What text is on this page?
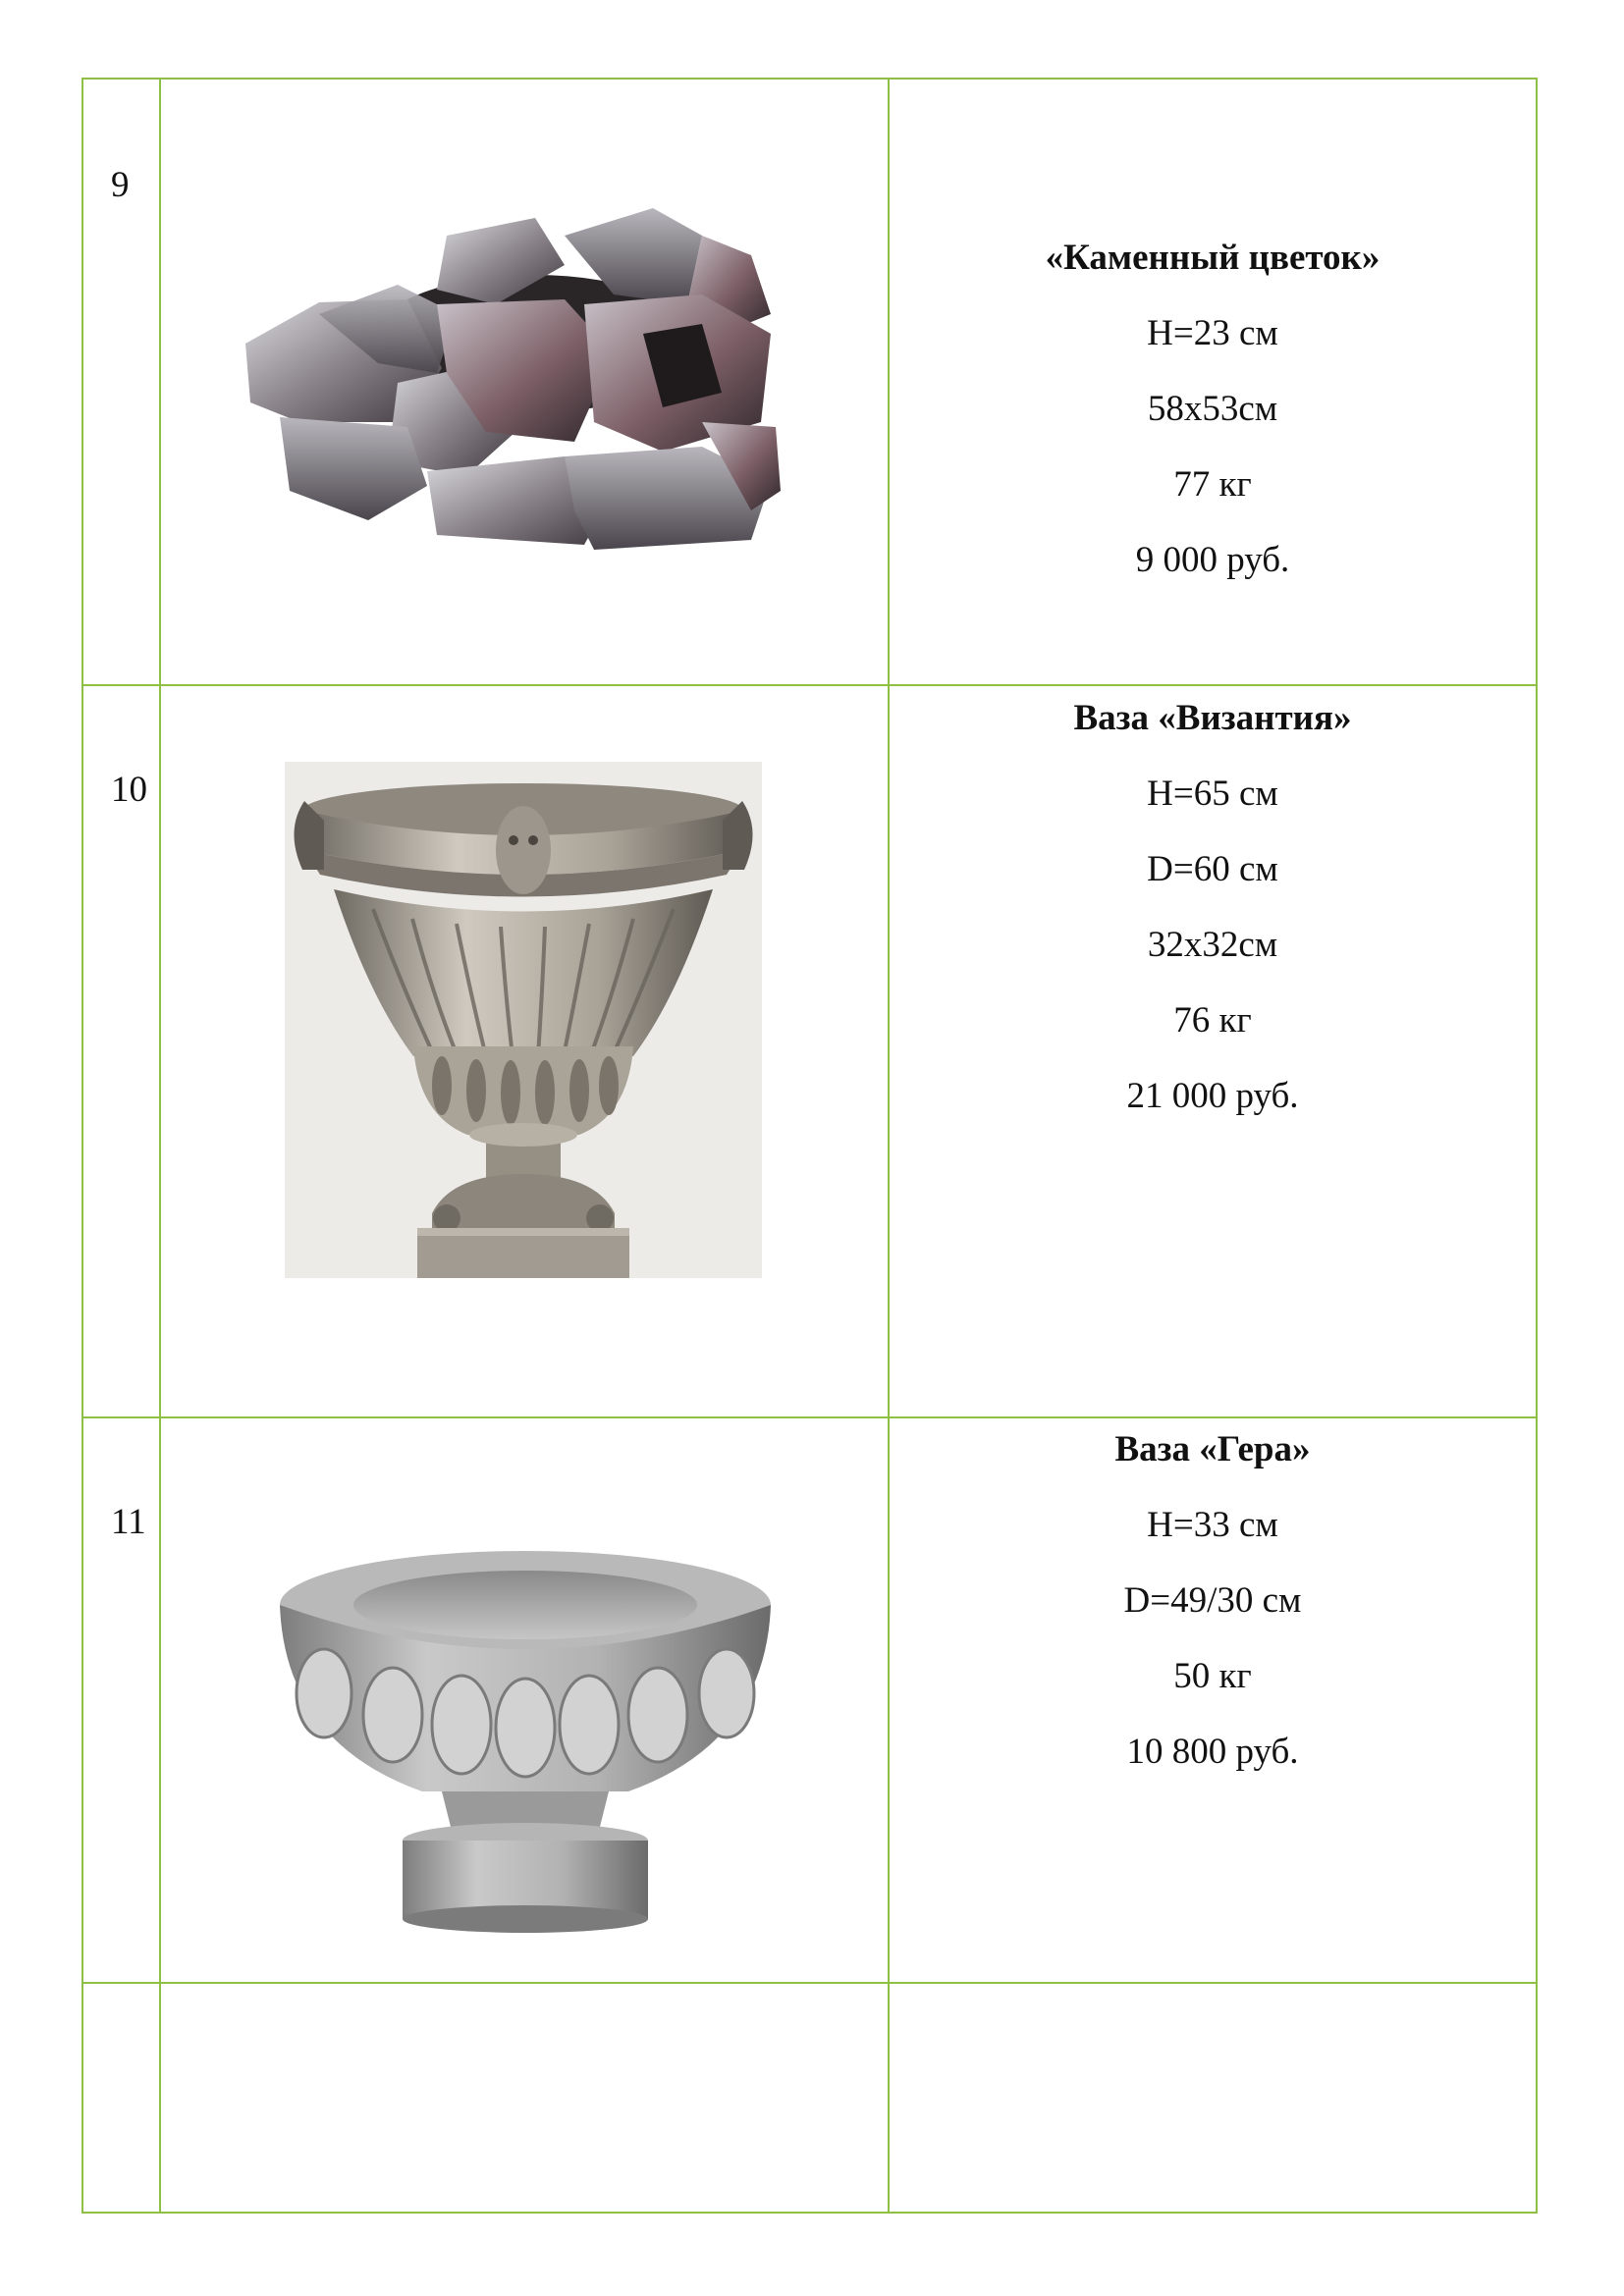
9
«Каменный цветок»
H=23 см
58х53см
77 кг
9 000 руб.
10
Ваза «Византия»
H=65 см
D=60 см
32х32см
76 кг
21 000 руб.
11
Ваза «Гера»
H=33 см
D=49/30 см
50 кг
10 800 руб.
